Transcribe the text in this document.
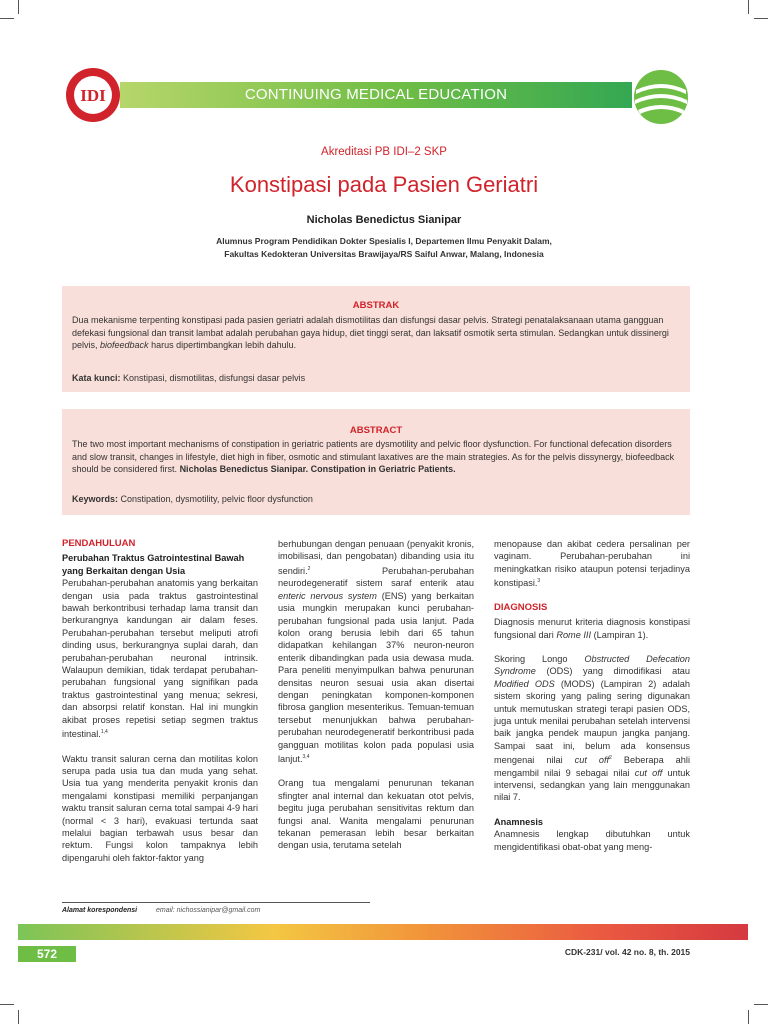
IDI	CONTINUING MEDICAL EDUCATION
Akreditasi PB IDI–2 SKP
Konstipasi pada Pasien Geriatri
Nicholas Benedictus Sianipar
Alumnus Program Pendidikan Dokter Spesialis I, Departemen Ilmu Penyakit Dalam,
Fakultas Kedokteran Universitas Brawijaya/RS Saiful Anwar, Malang, Indonesia
ABSTRAK

Dua mekanisme terpenting konstipasi pada pasien geriatri adalah dismotilitas dan disfungsi dasar pelvis. Strategi penatalaksanaan utama gangguan defekasi fungsional dan transit lambat adalah perubahan gaya hidup, diet tinggi serat, dan laksatif osmotik serta stimulan. Sedangkan untuk dissinergi pelvis, biofeedback harus dipertimbangkan lebih dahulu.

Kata kunci: Konstipasi, dismotilitas, disfungsi dasar pelvis

ABSTRACT

The two most important mechanisms of constipation in geriatric patients are dysmotility and pelvic floor dysfunction. For functional defecation disorders and slow transit, changes in lifestyle, diet high in fiber, osmotic and stimulant laxatives are the main strategies. As for the pelvis dissynergy, biofeedback should be considered first. Nicholas Benedictus Sianipar. Constipation in Geriatric Patients.

Keywords: Constipation, dysmotility, pelvic floor dysfunction

PENDAHULUAN
Perubahan Traktus Gatrointestinal Bawah yang Berkaitan dengan Usia

Perubahan-perubahan anatomis yang berkaitan dengan usia pada traktus gastrointestinal bawah berkontribusi terhadap lama transit dan berkurangnya kandungan air dalam feses. Perubahan-perubahan tersebut meliputi atrofi dinding usus, berkurangnya suplai darah, dan perubahan-perubahan neuronal intrinsik. Walaupun demikian, tidak terdapat perubahan-perubahan fungsional yang signifikan pada traktus gastrointestinal yang menua; sekresi, dan absorpsi relatif konstan. Hal ini mungkin akibat proses repetisi setiap segmen traktus intestinal.$^{1,4}$

Waktu transit saluran cerna dan motilitas kolon serupa pada usia tua dan muda yang sehat. Usia tua yang menderita penyakit kronis dan mengalami konstipasi memiliki perpanjangan waktu transit saluran cerna total sampai 4-9 hari (normal < 3 hari), evakuasi tertunda saat melalui bagian terbawah usus besar dan rektum. Fungsi kolon tampaknya lebih dipengaruhi oleh faktor-faktor yang

berhubungan dengan penuaan (penyakit kronis, imobilisasi, dan pengobatan) dibanding usia itu sendiri.$^2$ Perubahan-perubahan neurodegeneratif sistem saraf enterik atau enteric nervous system (ENS) yang berkaitan usia mungkin merupakan kunci perubahan-perubahan fungsional pada usia lanjut. Pada kolon orang berusia lebih dari 65 tahun didapatkan kehilangan 37% neuron-neuron enterik dibandingkan pada usia dewasa muda. Para peneliti menyimpulkan bahwa penurunan densitas neuron sesuai usia akan disertai dengan peningkatan komponen-komponen fibrosa ganglion mesenterikus. Temuan-temuan tersebut menunjukkan bahwa perubahan-perubahan neurodegeneratif berkontribusi pada gangguan motilitas kolon pada populasi usia lanjut.$^{3,4}$

Orang tua mengalami penurunan tekanan sfingter anal internal dan kekuatan otot pelvis, begitu juga perubahan sensitivitas rektum dan fungsi anal. Wanita mengalami penurunan tekanan pemerasan lebih besar berkaitan dengan usia, terutama setelah

menopause dan akibat cedera persalinan per vaginam. Perubahan-perubahan ini meningkatkan risiko ataupun potensi terjadinya konstipasi.$^3$

DIAGNOSIS

Diagnosis menurut kriteria diagnosis konstipasi fungsional dari Rome III (Lampiran 1).

Skoring Longo Obstructed Defecation Syndrome (ODS) yang dimodifikasi atau Modified ODS (MODS) (Lampiran 2) adalah sistem skoring yang paling sering digunakan untuk memutuskan strategi terapi pasien ODS, juga untuk menilai perubahan setelah intervensi baik jangka pendek maupun jangka panjang. Sampai saat ini, belum ada konsensus mengenai nilai cut off$^2$ Beberapa ahli mengambil nilai 9 sebagai nilai cut off untuk intervensi, sedangkan yang lain menggunakan nilai 7.

Anamnesis

Anamnesis lengkap dibutuhkan untuk mengidentifikasi obat-obat yang meng-

Alamat korespondensi	email: nichossianipar@gmail.com
572	CDK-231/ vol. 42 no. 8, th. 2015
